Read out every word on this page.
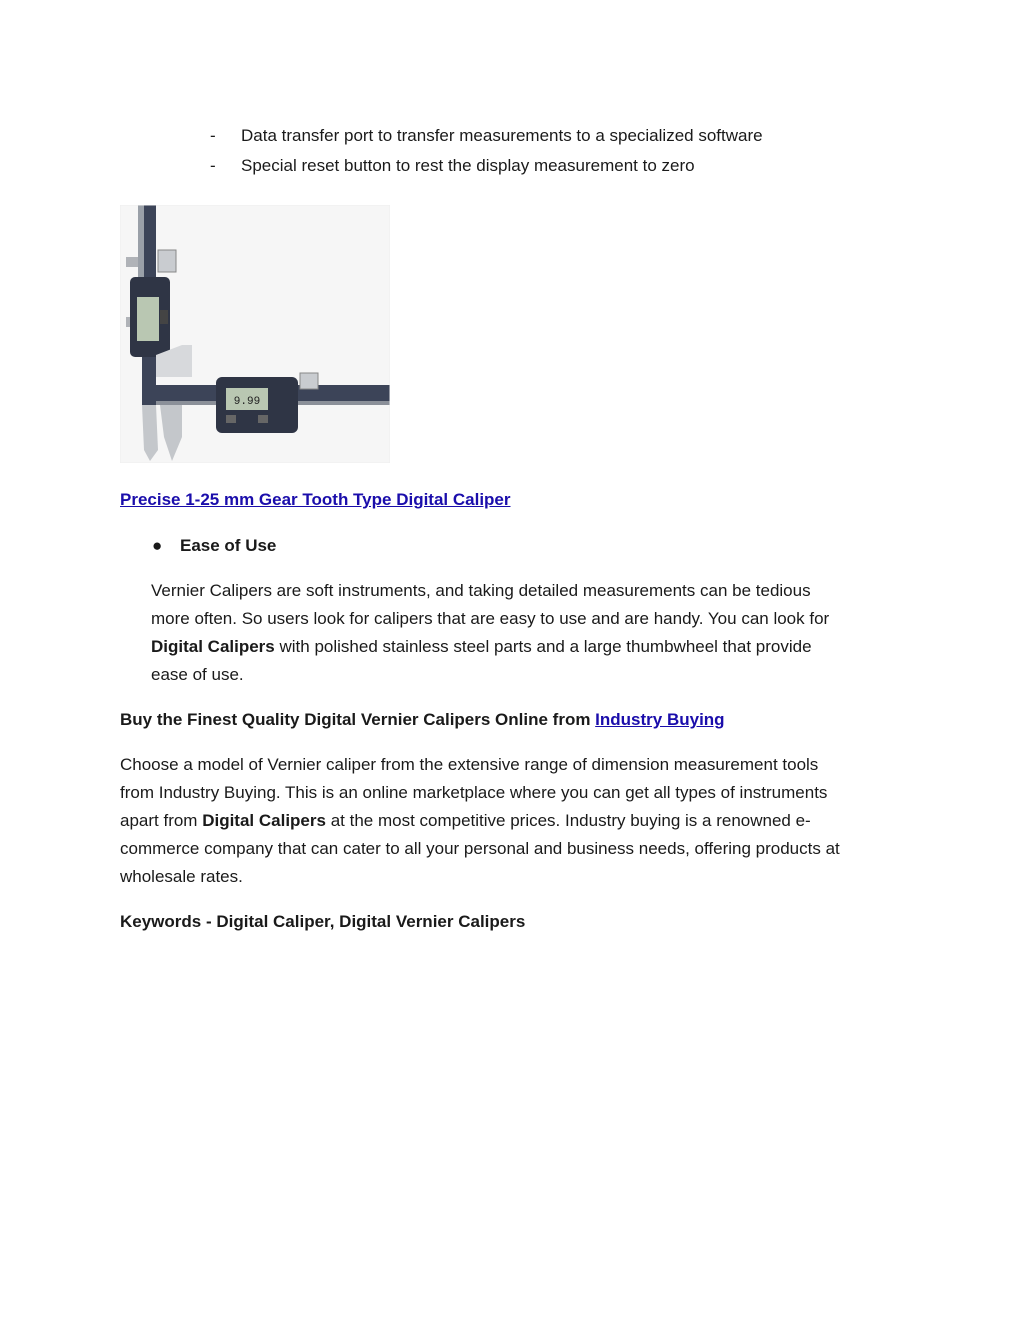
-	Data transfer port to transfer measurements to a specialized software
-	Special reset button to rest the display measurement to zero
9.99

Precise 1-25 mm Gear Tooth Type Digital Caliper

●	Ease of Use

Vernier Calipers are soft instruments, and taking detailed measurements can be tedious
more often. So users look for calipers that are easy to use and are handy. You can look for
Digital Calipers with polished stainless steel parts and a large thumbwheel that provide
ease of use.

Buy the Finest Quality Digital Vernier Calipers Online from Industry Buying

Choose a model of Vernier caliper from the extensive range of dimension measurement tools
from Industry Buying. This is an online marketplace where you can get all types of instruments
apart from Digital Calipers at the most competitive prices. Industry buying is a renowned e-
commerce company that can cater to all your personal and business needs, offering products at
wholesale rates.

Keywords - Digital Caliper, Digital Vernier Calipers
